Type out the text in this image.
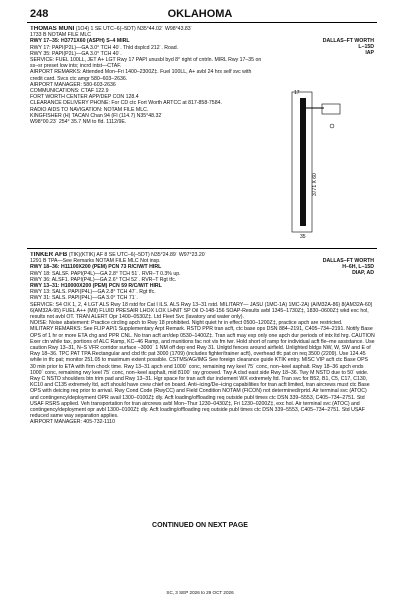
248	OKLAHOMA
THOMAS MUNI (1O4) 1 SE UTC–6(–5DT) N35°44.02´ W98°43.83´
1733 B NOTAM FILE MLC
RWY 17–35: H3771X60 (ASPH) S–4 MIRL
RWY 17: PAPI(P2L)—GA 3.0° TCH 40´. Thld dsplcd 212´. Road.
RWY 35: PAPI(P2L)—GA 3.0° TCH 40´.
SERVICE: FUEL 100LL, JET A+ LGT Rwy 17 PAPI unusbl byd 8° right of cntrln. MIRL Rwy 17–35 on ss–sr preset low ints; incrd intst—CTAF.
AIRPORT REMARKS: Attended Mon–Fri 1400–2300Z‡. Fuel 100LL, A+ avbl 24 hrs self svc with credit card. Svcs ctc amgr 580–603–2636.
AIRPORT MANAGER: 580-603-2636
COMMUNICATIONS: CTAF 122.9
FORT WORTH CENTER APP/DEP CON 128.4
CLEARANCE DELIVERY PHONE: For CD ctc Fort Worth ARTCC at 817-858-7584.
RADIO AIDS TO NAVIGATION: NOTAM FILE MLC.
KINGFISHER (H) TACAN Chan 94 (FI (114.7) N35°48.32´
W98°00.23´ 254° 35.7 NM to fld. 1112/9E.
DALLAS–FT WORTH
L–15D
IAP
17
35
3771 X 60
TINKER AFB (TIK)(KTIK) AF 8 SE UTC–6(–5DT) N35°24.89´ W97°23.20´
1291 B TPA—See Remarks NOTAM FILE MLC Not insp.
RWY 18–36: H11100X200 (PEM) PCN 73 R/C/W/T HIRL
RWY 18: SALSF. PAPI(P4L)—GA 2.8° TCH 51´. RVR–T 0.3% up.
RWY 36: ALSF1. PAPI(P4L)—GA 2.6° TCH 52´. RVR–T Rgt tfc.
RWY 13–31: H10000X200 (PEM) PCN 59 R/C/W/T HIRL
RWY 13: SALS. PAPI(P4L)—GA 2.8° TCH 47´. Rgt tfc.
RWY 31: SALS. PAPI(P4L)—GA 3.0° TCH 71´.
SERVICE: S4 OX 1, 2, 4 LGT ALS Rwy 18 rstd for Cat I ILS. ALS Rwy 13–31 rstd. MILITARY— JASU (1MC-1A) 1MC-2A) (A/M32A-86) 8(AM32A-60) 6(AM32A-95) FUEL A++ (MIl) FLUID PRESAIR LHOX LOX LHNIT SP Oil O-148-156 SOAP-Results avbl 1345–1730Z‡, 1830–0600Z‡ wkd exc hol, results not avbl OT. TRAN ALERT Opr 1400–0530Z‡. Ltd Fleet Svc (lavatory and water only).
NOISE: Noise abatement: Practice circling apch to Rwy 18 prohibited. Night quiet hr in effect 0500–1200Z‡, practice apch are restricted.
MILITARY REMARKS: See FLIP AP/1 Supplementary Arpt Remark. RSTD PPR tran acft, ctc base ops DSN 884–2191, C405–734–2191. Notify Base OPS of 1 hr or more ETA chg and PPR CNL. No tran acft arr/dep 0530–1400Z‡. Tran acft may exp only one apch dur periods of intx ltd hrg. CAUTION Exer ctn while tax, portions of ALC Ramp, KC–46 Ramp, and munitions fac not vis fm twr. Hold short of ramp for individual acft fle–me assistance. Use caution Rwy 13–31, N–S VFR corridor surface –3000´ 1 NM off dep end Rwy 31. Unlgtd fences around airfield. Unlighted bldgs NW, W, SW and E of Rwy 18–36. TPC PAT TPA Rectangular and cbd tfc pat 3000 (1709) (includes fighter/trainer acft), overhead tfc pat on req 3500 (2209). Use 124.45 while in tfc pat; monitor 251.05 to maximum extent possible. CSTMS/AG/IMG See foreign clearance guide KTIK entry. MISC VIP acft ctc Base OPS 30 min prior to ETA with firm chock time. Rwy 13–31 apch end 1000´ conc, remaining rwy keel 75´ conc, non–keel asphalt. Rwy 18–36 apch ends 1000´ conc, remaining rwy keel 75´ conc, non–keel asphalt, mid 8100´ ray grooved. Twy A clsd east side Rwy 18–36. Twy M NSTD due to 50´ wide. Rwy C NSTD shoulders btn trim pad and Rwy 13–31. Hgr space for tran acft dur inclement WX extremely ltd. Tran svc for B52, B1, C5, C17, C130, KC10 and C135 extremely ltd, acft should have crew chief on board. Anti–icing/De–icing capabilities for tran acft limited, tran aircrews must ctc Base OPS with deicing req prior to arrival. Rwy Cond Code (RwyCC) and Field Condition NOTAM (FICON) not determined/rprtd. Air terminal svc (ATOC) and contingency/deployment OPR avail 1300–0100Z‡ dly. Acft loading/offloading req outside publ times ctc DSN 339–5553, C405–734–2751. Std USAF RSRS applied. Veh transportation for tran aircrews avbl Mon–Thur 1230–0430Z‡, Fri 1230–0200Z‡, exc hol. Air terminal svc (ATOC) and contingency/deployment opr avbl 1300–0100Z‡ dly. Acft loading/offloading req outside publ times ctc DSN 339–5553, C405–734–2751. Std USAF reduced same way separation applies.
AIRPORT MANAGER: 405-732-1110
DALLAS–FT WORTH
H–6H, L–15D
DIAP, AD
CONTINUED ON NEXT PAGE
SC, 3 SEP 2026 to 29 OCT 2026
